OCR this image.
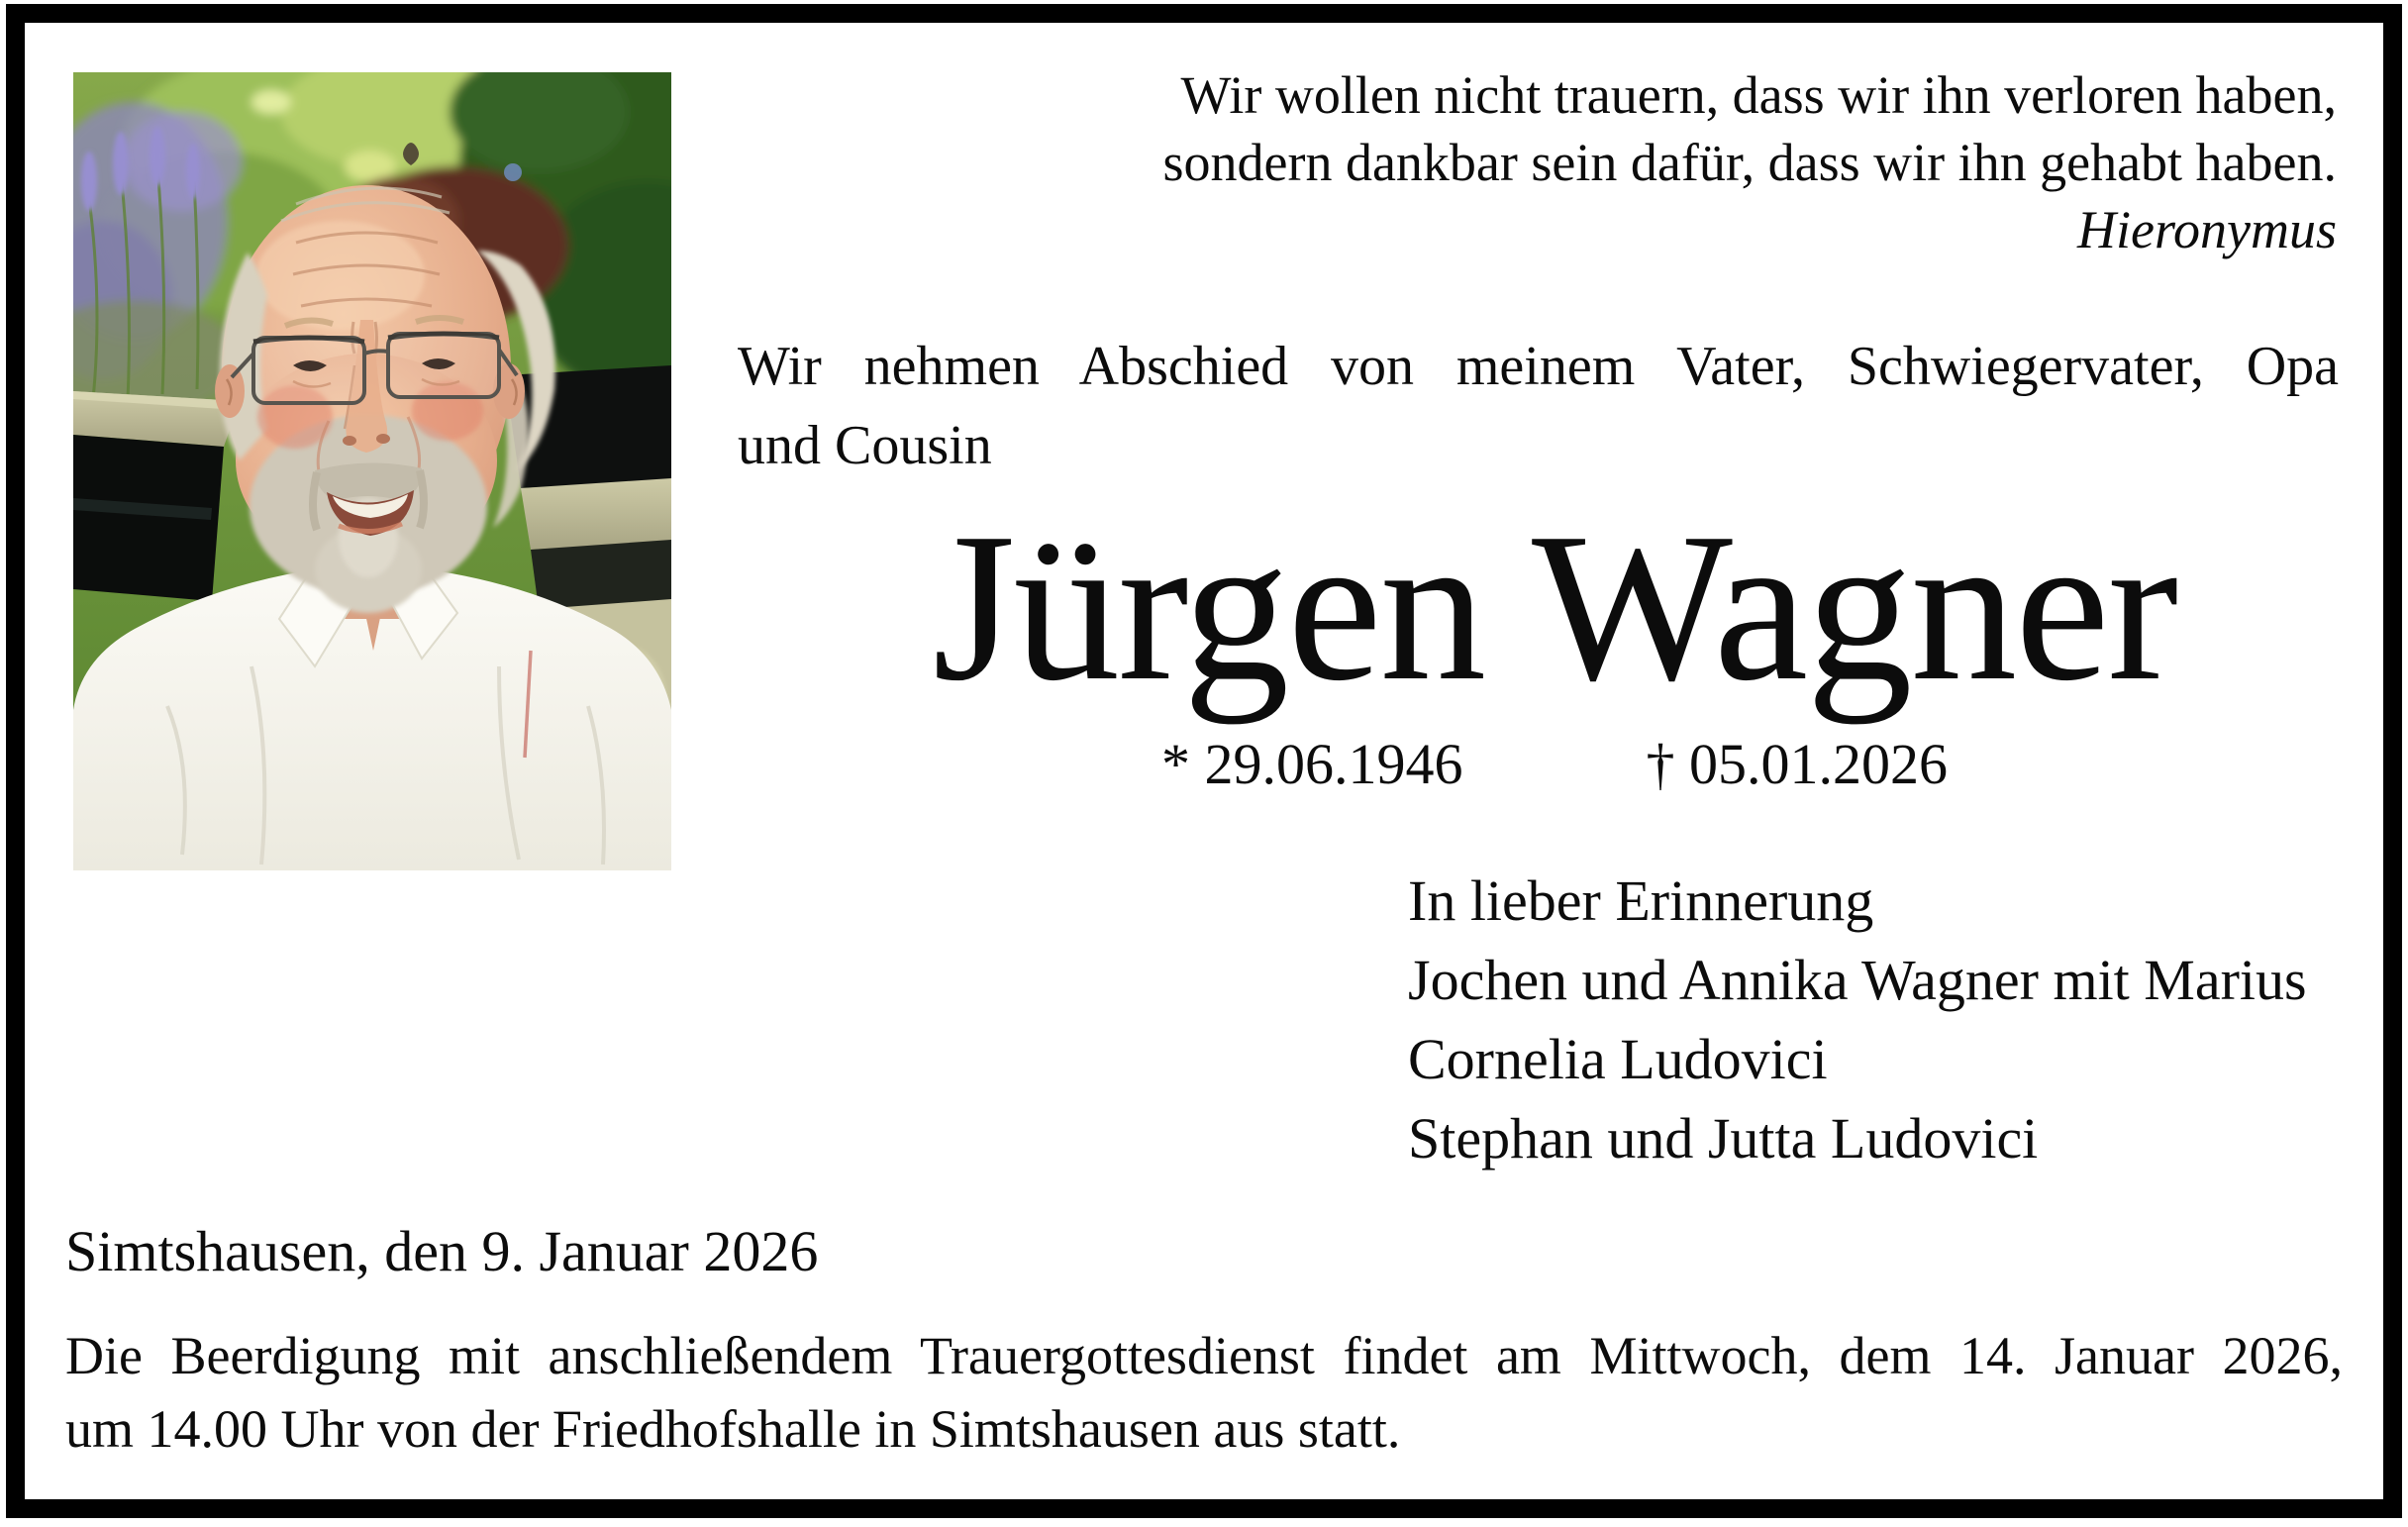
Wir wollen nicht trauern, dass wir ihn verloren haben,
sondern dankbar sein dafür, dass wir ihn gehabt haben.
Hieronymus
Wir nehmen Abschied von meinem Vater, Schwiegervater, Opa
und Cousin
Jürgen Wagner
* 29.06.1946	† 05.01.2026
In lieber Erinnerung
Jochen und Annika Wagner mit Marius
Cornelia Ludovici
Stephan und Jutta Ludovici
Simtshausen, den 9. Januar 2026
Die Beerdigung mit anschließendem Trauergottesdienst findet am Mittwoch, dem 14. Januar 2026,
um 14.00 Uhr von der Friedhofshalle in Simtshausen aus statt.
